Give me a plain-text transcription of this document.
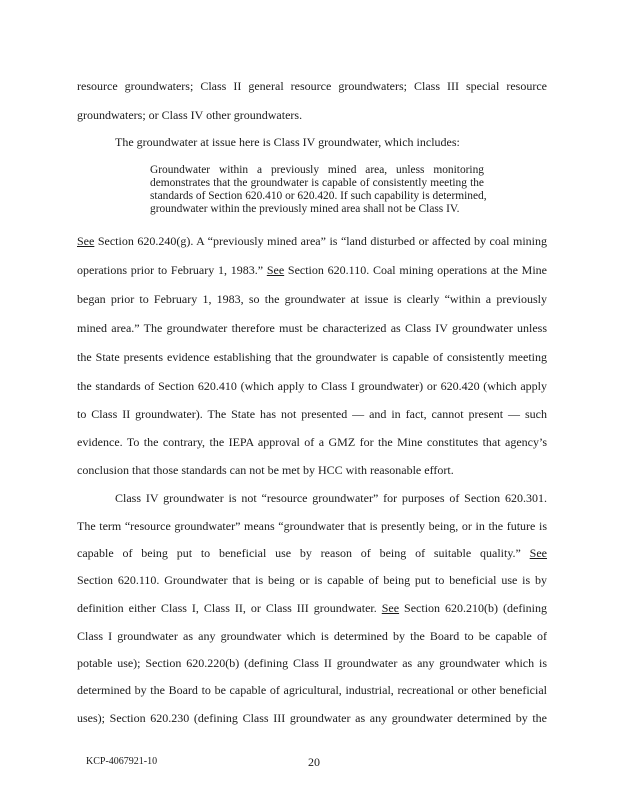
resource groundwaters; Class II general resource groundwaters; Class III special resource
groundwaters; or Class IV other groundwaters.
The groundwater at issue here is Class IV groundwater, which includes:
Groundwater within a previously mined area, unless monitoring
demonstrates that the groundwater is capable of consistently meeting the
standards of Section 620.410 or 620.420. If such capability is determined,
groundwater within the previously mined area shall not be Class IV.
See Section 620.240(g). A “previously mined area” is “land disturbed or affected by coal mining
operations prior to February 1, 1983.” See Section 620.110. Coal mining operations at the Mine
began prior to February 1, 1983, so the groundwater at issue is clearly “within a previously
mined area.” The groundwater therefore must be characterized as Class IV groundwater unless
the State presents evidence establishing that the groundwater is capable of consistently meeting
the standards of Section 620.410 (which apply to Class I groundwater) or 620.420 (which apply
to Class II groundwater). The State has not presented — and in fact, cannot present — such
evidence. To the contrary, the IEPA approval of a GMZ for the Mine constitutes that agency’s
conclusion that those standards can not be met by HCC with reasonable effort.
Class IV groundwater is not “resource groundwater” for purposes of Section 620.301.
The term “resource groundwater” means “groundwater that is presently being, or in the future is
capable of being put to beneficial use by reason of being of suitable quality.” See
Section 620.110. Groundwater that is being or is capable of being put to beneficial use is by
definition either Class I, Class II, or Class III groundwater. See Section 620.210(b) (defining
Class I groundwater as any groundwater which is determined by the Board to be capable of
potable use); Section 620.220(b) (defining Class II groundwater as any groundwater which is
determined by the Board to be capable of agricultural, industrial, recreational or other beneficial
uses); Section 620.230 (defining Class III groundwater as any groundwater determined by the
KCP-4067921-10	20
